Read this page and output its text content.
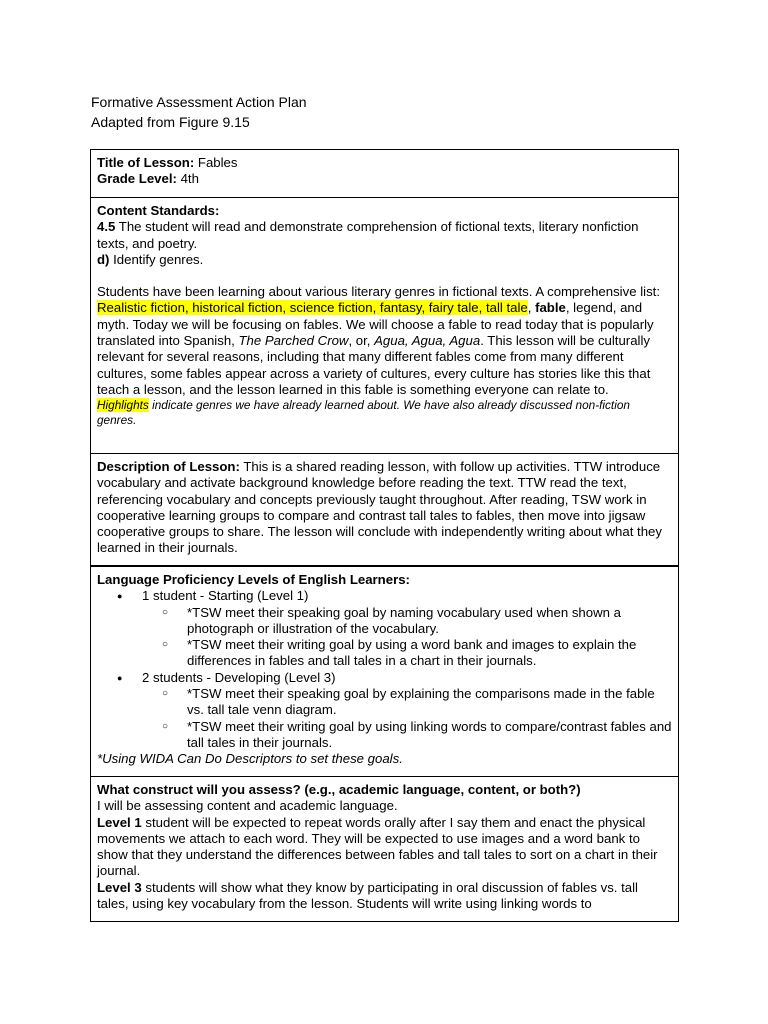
Formative Assessment Action Plan
Adapted from Figure 9.15
Title of Lesson: Fables
Grade Level: 4th
Content Standards:
4.5 The student will read and demonstrate comprehension of fictional texts, literary nonfiction texts, and poetry.
d) Identify genres.
Students have been learning about various literary genres in fictional texts. A comprehensive list: Realistic fiction, historical fiction, science fiction, fantasy, fairy tale, tall tale, fable, legend, and myth. Today we will be focusing on fables. We will choose a fable to read today that is popularly translated into Spanish, The Parched Crow, or, Agua, Agua, Agua. This lesson will be culturally relevant for several reasons, including that many different fables come from many different cultures, some fables appear across a variety of cultures, every culture has stories like this that teach a lesson, and the lesson learned in this fable is something everyone can relate to.
Highlights indicate genres we have already learned about. We have also already discussed non-fiction genres.
Description of Lesson: This is a shared reading lesson, with follow up activities. TTW introduce vocabulary and activate background knowledge before reading the text. TTW read the text, referencing vocabulary and concepts previously taught throughout. After reading, TSW work in cooperative learning groups to compare and contrast tall tales to fables, then move into jigsaw cooperative groups to share. The lesson will conclude with independently writing about what they learned in their journals.
Language Proficiency Levels of English Learners:
● 1 student - Starting (Level 1)
○ *TSW meet their speaking goal by naming vocabulary used when shown a photograph or illustration of the vocabulary.
○ *TSW meet their writing goal by using a word bank and images to explain the differences in fables and tall tales in a chart in their journals.
● 2 students - Developing (Level 3)
○ *TSW meet their speaking goal by explaining the comparisons made in the fable vs. tall tale venn diagram.
○ *TSW meet their writing goal by using linking words to compare/contrast fables and tall tales in their journals.
*Using WIDA Can Do Descriptors to set these goals.
What construct will you assess? (e.g., academic language, content, or both?)
I will be assessing content and academic language.
Level 1 student will be expected to repeat words orally after I say them and enact the physical movements we attach to each word. They will be expected to use images and a word bank to show that they understand the differences between fables and tall tales to sort on a chart in their journal.
Level 3 students will show what they know by participating in oral discussion of fables vs. tall tales, using key vocabulary from the lesson. Students will write using linking words to
